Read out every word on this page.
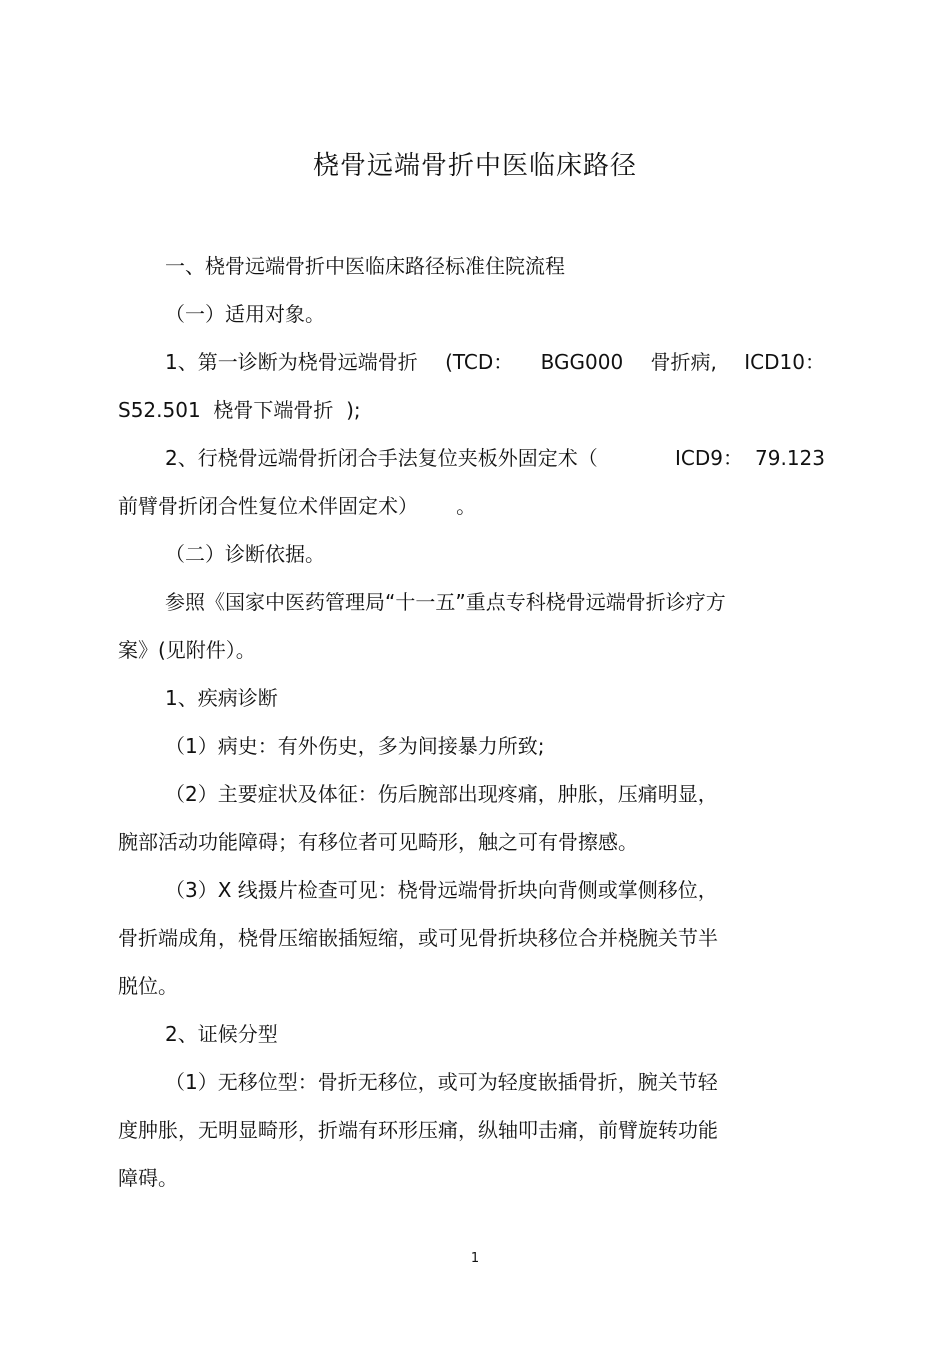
桡骨远端骨折中医临床路径
一、桡骨远端骨折中医临床路径标准住院流程
（一）适用对象。
1、第一诊断为桡骨远端骨折 (TCD： BGG000 骨折病, ICD10：
S52.501  桡骨下端骨折  );
2、行桡骨远端骨折闭合手法复位夹板外固定术（	ICD9： 79.123
前臂骨折闭合性复位术伴固定术）      。
（二）诊断依据。
参照《国家中医药管理局“十一五”重点专科桡骨远端骨折诊疗方
案》(见附件）。
1、疾病诊断
（1）病史：有外伤史，多为间接暴力所致;
（2）主要症状及体征：伤后腕部出现疼痛，肿胀，压痛明显，
腕部活动功能障碍；有移位者可见畸形，触之可有骨擦感。
（3）X 线摄片检查可见：桡骨远端骨折块向背侧或掌侧移位，
骨折端成角，桡骨压缩嵌插短缩，或可见骨折块移位合并桡腕关节半
脱位。
2、证候分型
（1）无移位型：骨折无移位，或可为轻度嵌插骨折，腕关节轻
度肿胀，无明显畸形，折端有环形压痛，纵轴叩击痛，前臂旋转功能
障碍。
1
